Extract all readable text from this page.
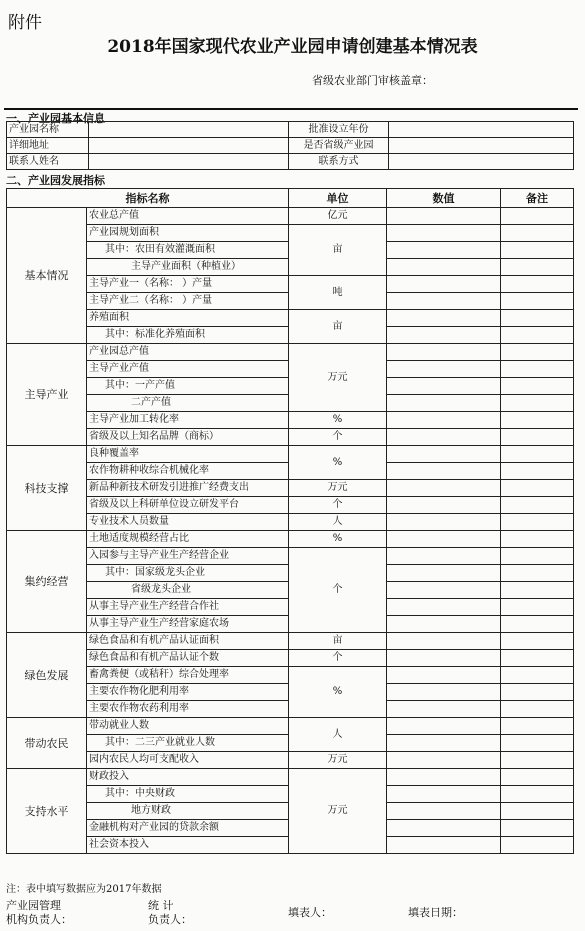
附件
2018年国家现代农业产业园申请创建基本情况表
省级农业部门审核盖章：
一、产业园基本信息
产业园名称		批准设立年份	
详细地址		是否省级产业园	
联系人姓名		联系方式	
二、产业园发展指标
指标名称		单位	数值	备注
基本情况	农业总产值	亿元		
	产业园规划面积	亩		
	其中：农田有效灌溉面积			
	主导产业面积（种植业）			
	主导产业一（名称： ）产量	吨		
	主导产业二（名称： ）产量			
	养殖面积	亩		
	其中：标准化养殖面积			
主导产业	产业园总产值	万元		
	主导产业产值			
	其中：一产产值			
	二产产值			
	主导产业加工转化率	%		
	省级及以上知名品牌（商标）	个		
科技支撑	良种覆盖率	%		
	农作物耕种收综合机械化率			
	新品种新技术研发引进推广经费支出	万元		
	省级及以上科研单位设立研发平台	个		
	专业技术人员数量	人		
集约经营	土地适度规模经营占比	%		
	入园参与主导产业生产经营企业	个		
	其中：国家级龙头企业			
	省级龙头企业			
	从事主导产业生产经营合作社			
	从事主导产业生产经营家庭农场			
绿色发展	绿色食品和有机产品认证面积	亩		
	绿色食品和有机产品认证个数	个		
	畜禽粪便（或秸秆）综合处理率	%		
	主要农作物化肥利用率			
	主要农作物农药利用率			
带动农民	带动就业人数	人		
	其中：二三产业就业人数			
	园内农民人均可支配收入	万元		
支持水平	财政投入	万元		
	其中：中央财政			
	地方财政			
	金融机构对产业园的贷款余额			
	社会资本投入			
注：表中填写数据应为2017年数据
产业园管理
机构负责人：
统 计
负责人：
填表人：	填表日期：
